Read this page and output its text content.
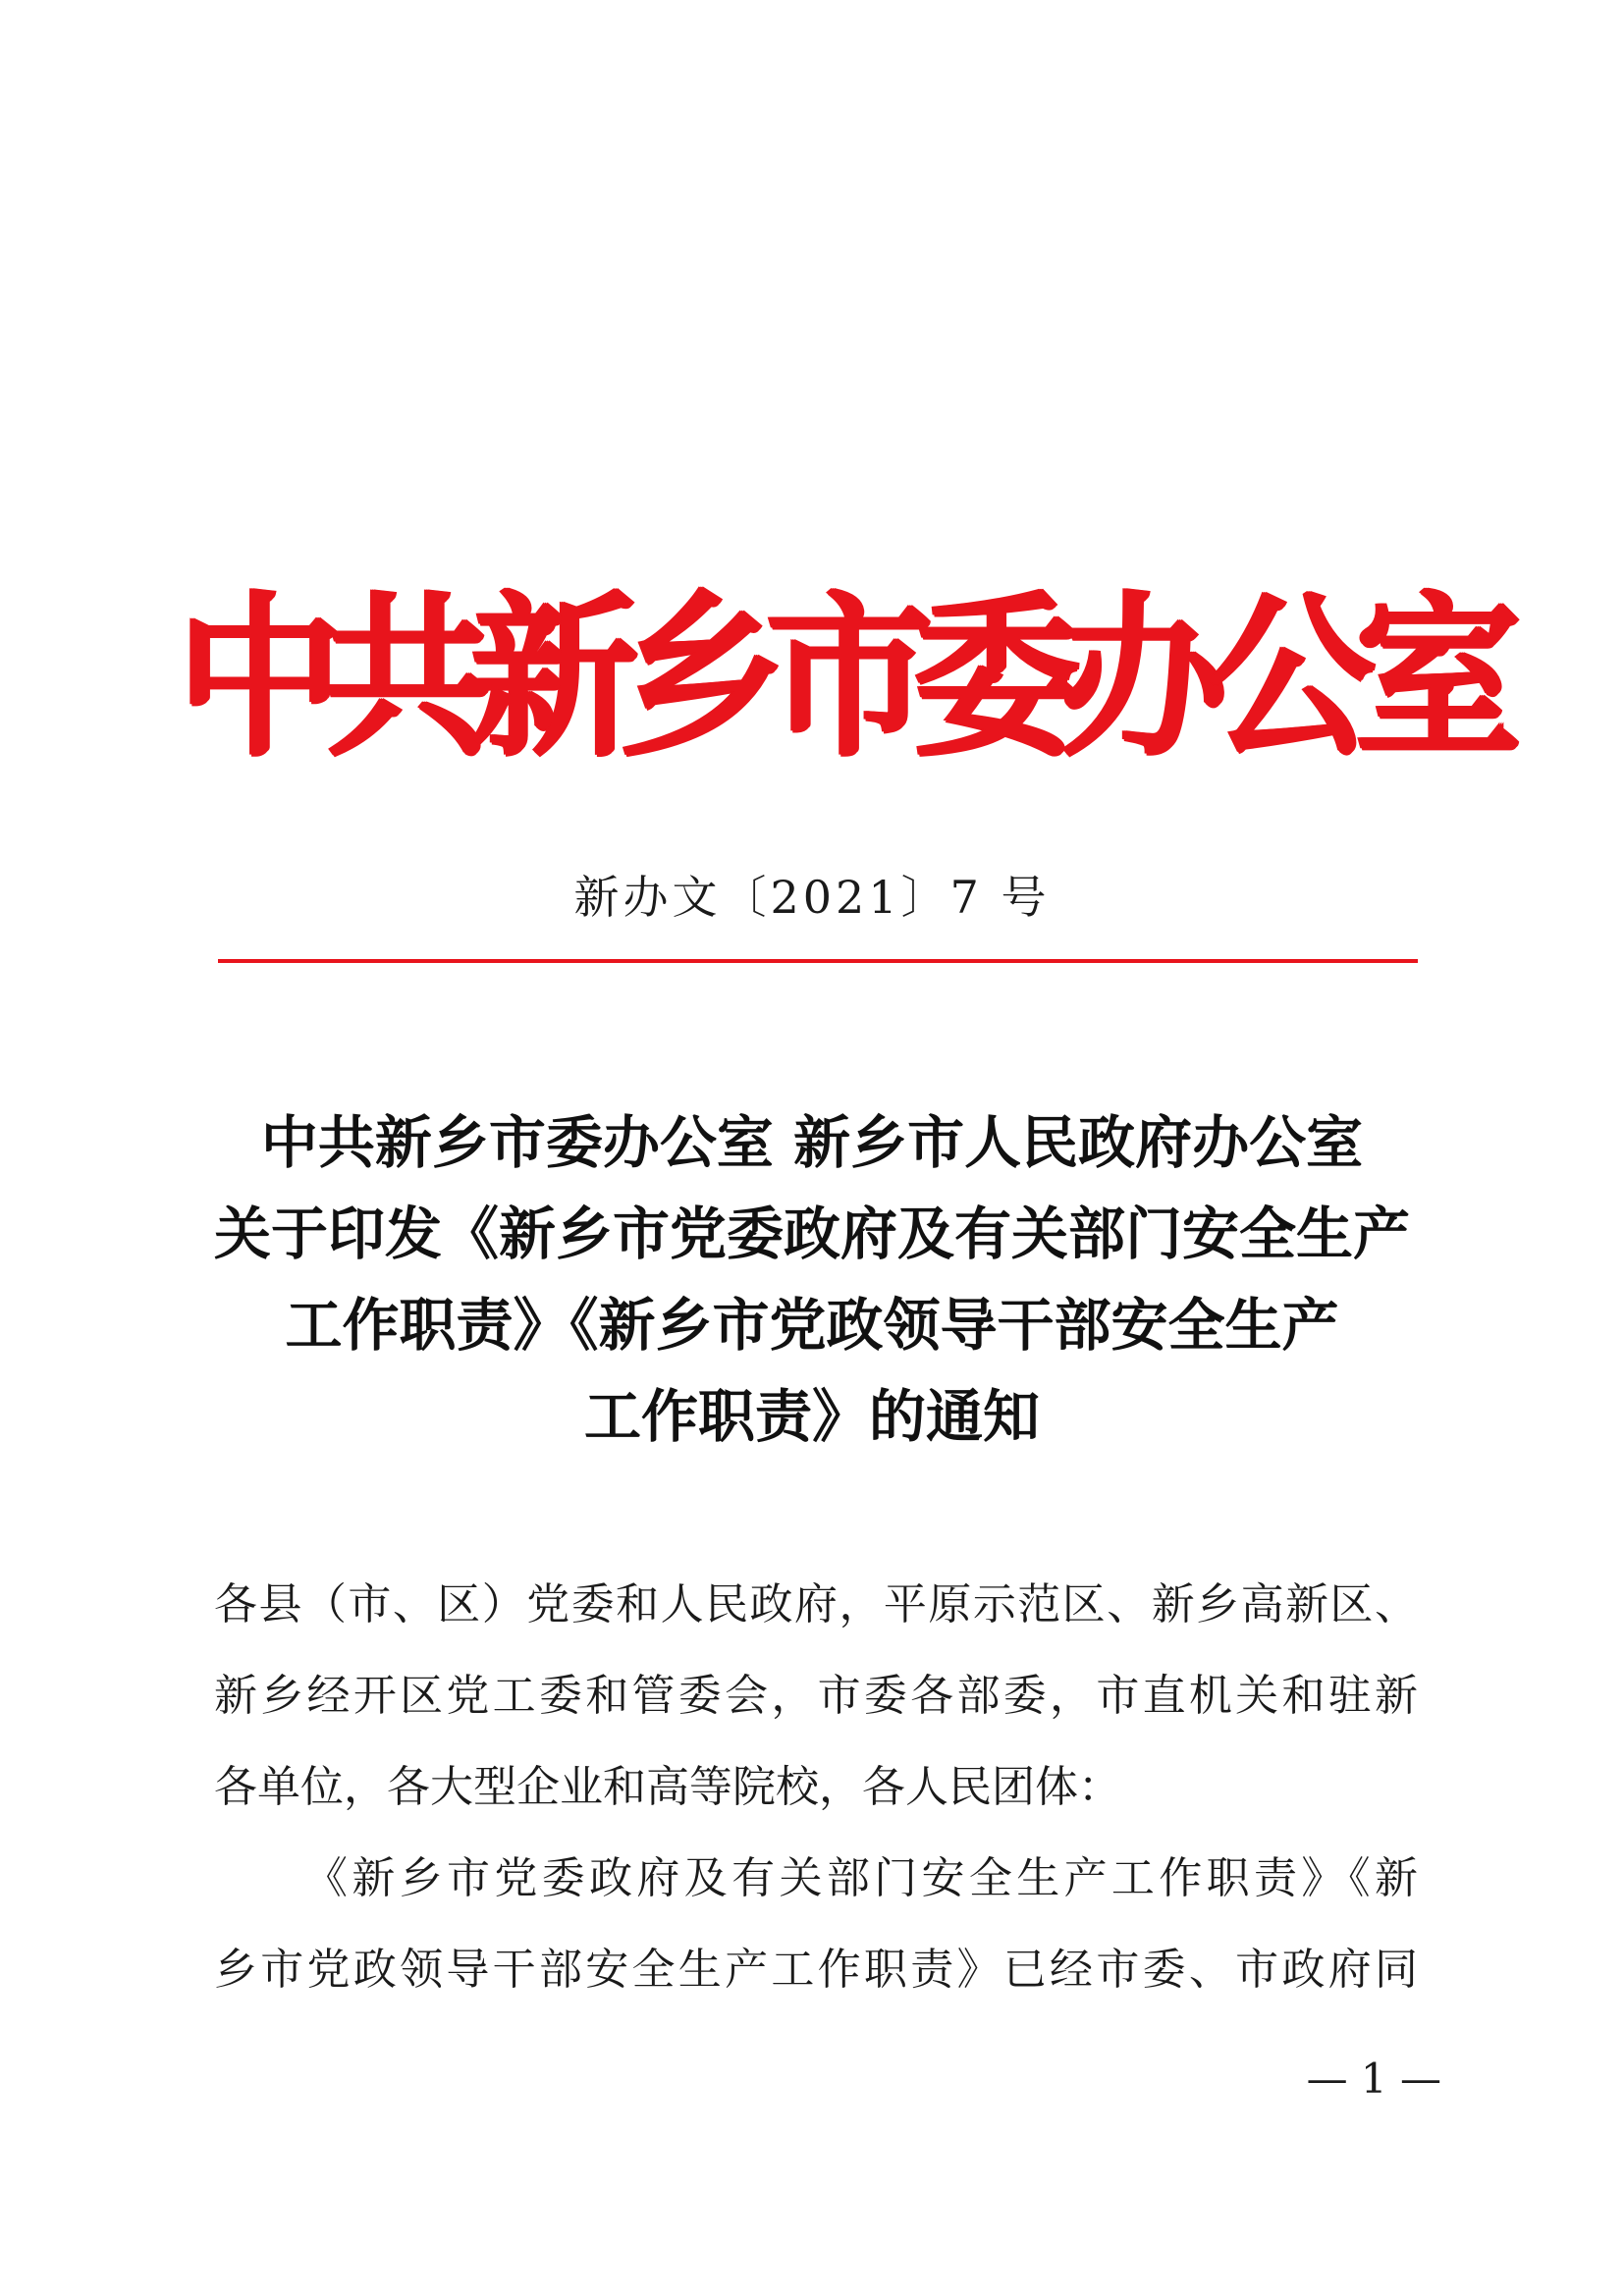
中
共
新
乡
市
委
办
公
室
新办文〔2021〕7 号
中共新乡市委办公室 新乡市人民政府办公室
关于印发《新乡市党委政府及有关部门安全生产
工作职责》《新乡市党政领导干部安全生产
工作职责》的通知
各县（市、区）党委和人民政府，平原示范区、新乡高新区、
新乡经开区党工委和管委会，市委各部委，市直机关和驻新
各单位，各大型企业和高等院校，各人民团体：
《新乡市党委政府及有关部门安全生产工作职责》《新
乡市党政领导干部安全生产工作职责》已经市委、市政府同
— 1 —
